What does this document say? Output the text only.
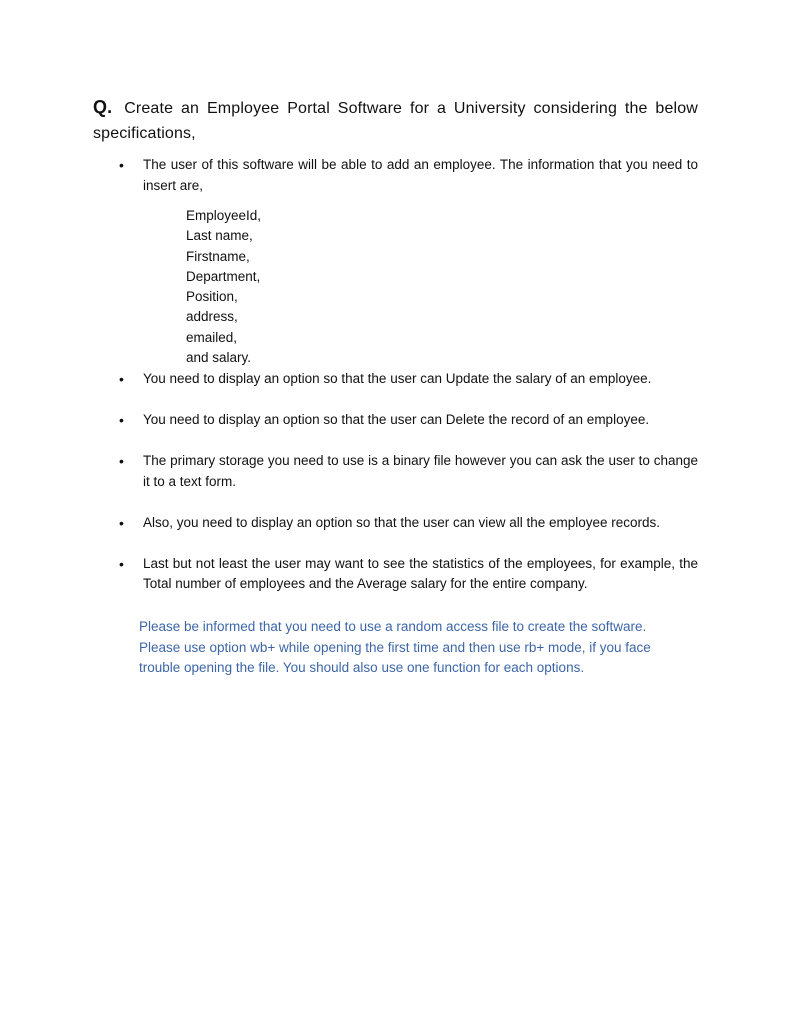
Q. Create an Employee Portal Software for a University considering the below specifications,
• The user of this software will be able to add an employee. The information that you need to insert are,
EmployeeId,
Last name,
Firstname,
Department,
Position,
address,
emailed,
and salary.
• You need to display an option so that the user can Update the salary of an employee.
• You need to display an option so that the user can Delete the record of an employee.
• The primary storage you need to use is a binary file however you can ask the user to change it to a text form.
• Also, you need to display an option so that the user can view all the employee records.
• Last but not least the user may want to see the statistics of the employees, for example, the Total number of employees and the Average salary for the entire company.

Please be informed that you need to use a random access file to create the software.

Please use option wb+ while opening the first time and then use rb+ mode, if you face

trouble opening the file. You should also use one function for each options.
